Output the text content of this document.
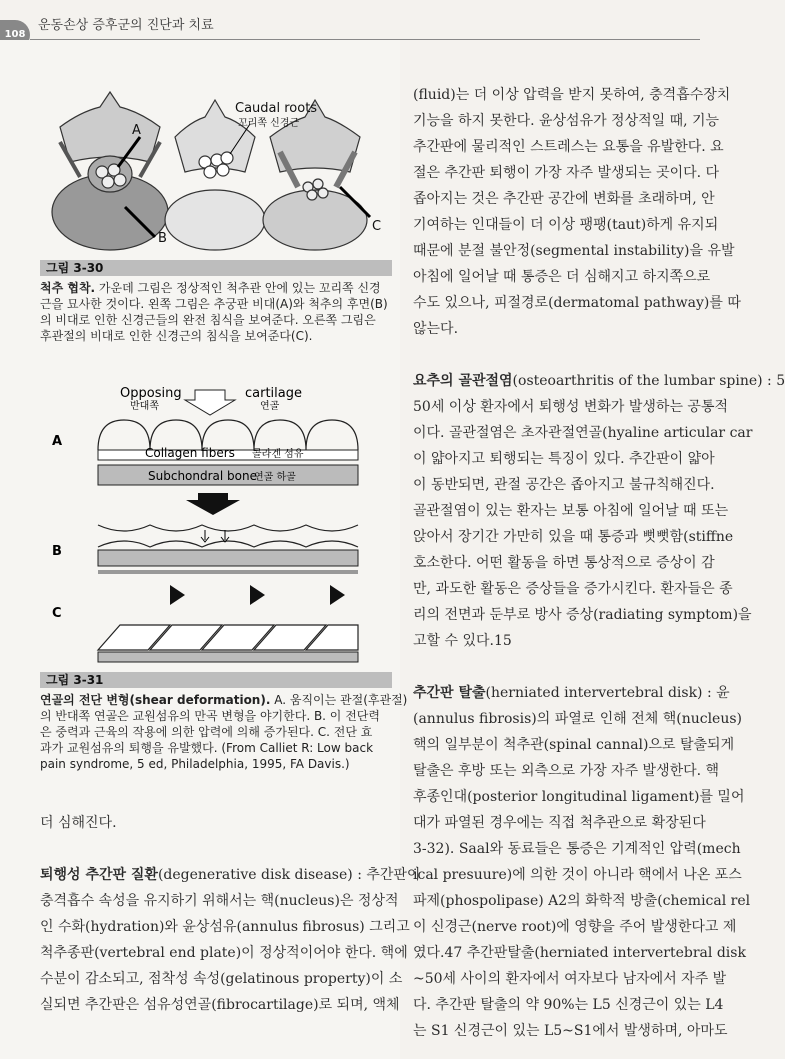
108
운동손상 증후군의 진단과 치료
A
B
C
Caudal roots
꼬리쪽 신경근
그림 3-30
척추 협착. 가운데 그림은 정상적인 척추관 안에 있는 꼬리쪽 신경
근을 묘사한 것이다. 왼쪽 그림은 추궁판 비대(A)와 척추의 후면(B)
의 비대로 인한 신경근들의 완전 침식을 보여준다. 오른쪽 그림은
후관절의 비대로 인한 신경근의 침식을 보여준다(C).
Opposing
반대쪽
cartilage
연골
A
Collagen fibers 콜라겐 섬유
Subchondral bone
연골 하골
B
C
그림 3-31
연골의 전단 변형(shear deformation). A. 움직이는 관절(후관절)
의 반대쪽 연골은 교원섬유의 만곡 변형을 야기한다. B. 이 전단력
은 중력과 근육의 작용에 의한 압력에 의해 증가된다. C. 전단 효
과가 교원섬유의 퇴행을 유발했다. (From Calliet R: Low back
pain syndrome, 5 ed, Philadelphia, 1995, FA Davis.)
더 심해진다.
퇴행성 추간판 질환(degenerative disk disease) : 추간판이
충격흡수 속성을 유지하기 위해서는 핵(nucleus)은 정상적
인 수화(hydration)와 윤상섬유(annulus fibrosus) 그리고
척추종판(vertebral end plate)이 정상적이어야 한다. 핵에
수분이 감소되고, 점착성 속성(gelatinous property)이 소
실되면 추간판은 섬유성연골(fibrocartilage)로 되며, 액체
(fluid)는 더 이상 압력을 받지 못하여, 충격흡수장치
기능을 하지 못한다. 윤상섬유가 정상적일 때, 기능
추간판에 물리적인 스트레스는 요통을 유발한다. 요
절은 추간판 퇴행이 가장 자주 발생되는 곳이다. 다
좁아지는 것은 추간판 공간에 변화를 초래하며, 안
기여하는 인대들이 더 이상 팽팽(taut)하게 유지되
때문에 분절 불안정(segmental instability)을 유발
아침에 일어날 때 통증은 더 심해지고 하지쪽으로
수도 있으나, 피절경로(dermatomal pathway)를 따
않는다.
요추의 골관절염(osteoarthritis of the lumbar spine) : 5
50세 이상 환자에서 퇴행성 변화가 발생하는 공통적
이다. 골관절염은 초자관절연골(hyaline articular car
이 얇아지고 퇴행되는 특징이 있다. 추간판이 얇아
이 동반되면, 관절 공간은 좁아지고 불규칙해진다.
골관절염이 있는 환자는 보통 아침에 일어날 때 또는
앉아서 장기간 가만히 있을 때 통증과 뻣뻣함(stiffne
호소한다. 어떤 활동을 하면 통상적으로 증상이 감
만, 과도한 활동은 증상들을 증가시킨다. 환자들은 종
리의 전면과 둔부로 방사 증상(radiating symptom)을
고할 수 있다.15
추간판 탈출(herniated intervertebral disk) : 윤
(annulus fibrosis)의 파열로 인해 전체 핵(nucleus)
핵의 일부분이 척추관(spinal cannal)으로 탈출되게
탈출은 후방 또는 외측으로 가장 자주 발생한다. 핵
후종인대(posterior longitudinal ligament)를 밀어
대가 파열된 경우에는 직접 척추관으로 확장된다
3-32). Saal와 동료들은 통증은 기계적인 압력(mech
ical presuure)에 의한 것이 아니라 핵에서 나온 포스
파제(phospolipase) A2의 화학적 방출(chemical rel
이 신경근(nerve root)에 영향을 주어 발생한다고 제
였다.47 추간판탈출(herniated intervertebral disk
~50세 사이의 환자에서 여자보다 남자에서 자주 발
다. 추간판 탈출의 약 90%는 L5 신경근이 있는 L4
는 S1 신경근이 있는 L5~S1에서 발생하며, 아마도
